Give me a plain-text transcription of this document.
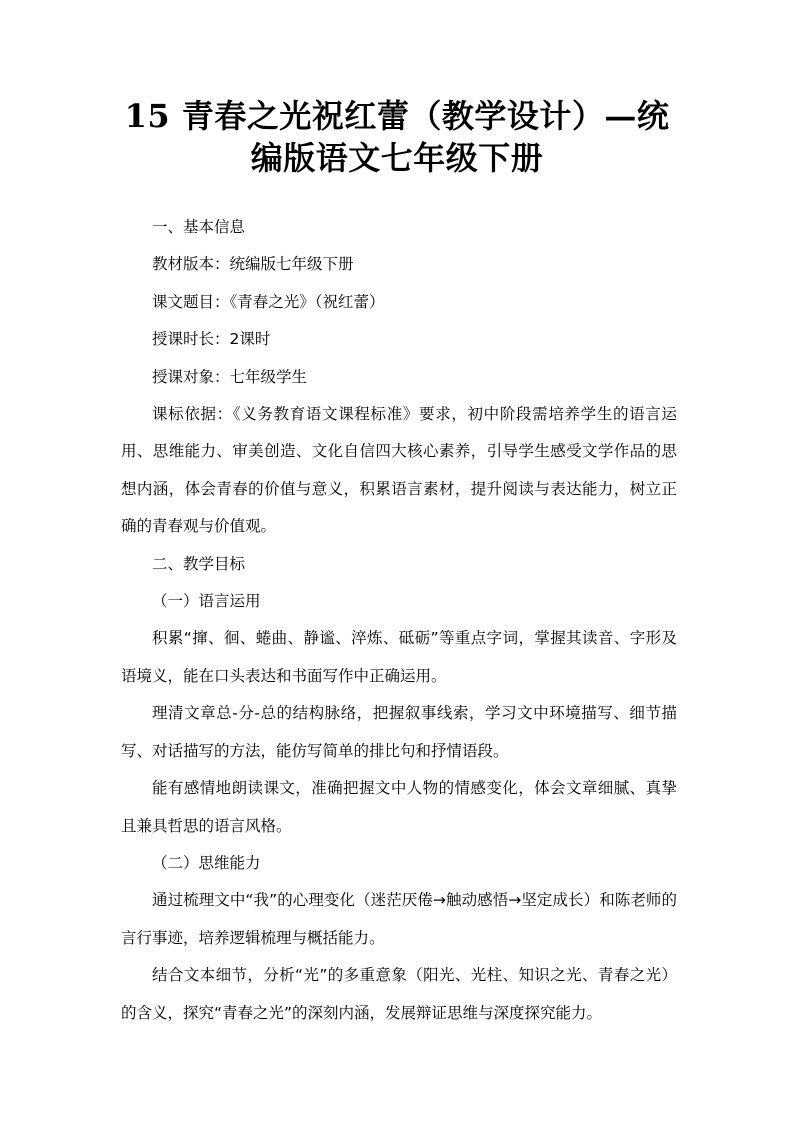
15 青春之光祝红蕾（教学设计）—统
编版语文七年级下册

一、基本信息

教材版本：统编版七年级下册

课文题目：《青春之光》（祝红蕾）

授课时长：2课时

授课对象：七年级学生

课标依据：《义务教育语文课程标准》要求，初中阶段需培养学生的语言运用、思维能力、审美创造、文化自信四大核心素养，引导学生感受文学作品的思想内涵，体会青春的价值与意义，积累语言素材，提升阅读与表达能力，树立正确的青春观与价值观。

二、教学目标

（一）语言运用

积累“撺、徊、蜷曲、静谧、淬炼、砥砺”等重点字词，掌握其读音、字形及语境义，能在口头表达和书面写作中正确运用。

理清文章总-分-总的结构脉络，把握叙事线索，学习文中环境描写、细节描写、对话描写的方法，能仿写简单的排比句和抒情语段。

能有感情地朗读课文，准确把握文中人物的情感变化，体会文章细腻、真挚且兼具哲思的语言风格。

（二）思维能力

通过梳理文中“我”的心理变化（迷茫厌倦→触动感悟→坚定成长）和陈老师的言行事迹，培养逻辑梳理与概括能力。

结合文本细节，分析“光”的多重意象（阳光、光柱、知识之光、青春之光）的含义，探究“青春之光”的深刻内涵，发展辩证思维与深度探究能力。
